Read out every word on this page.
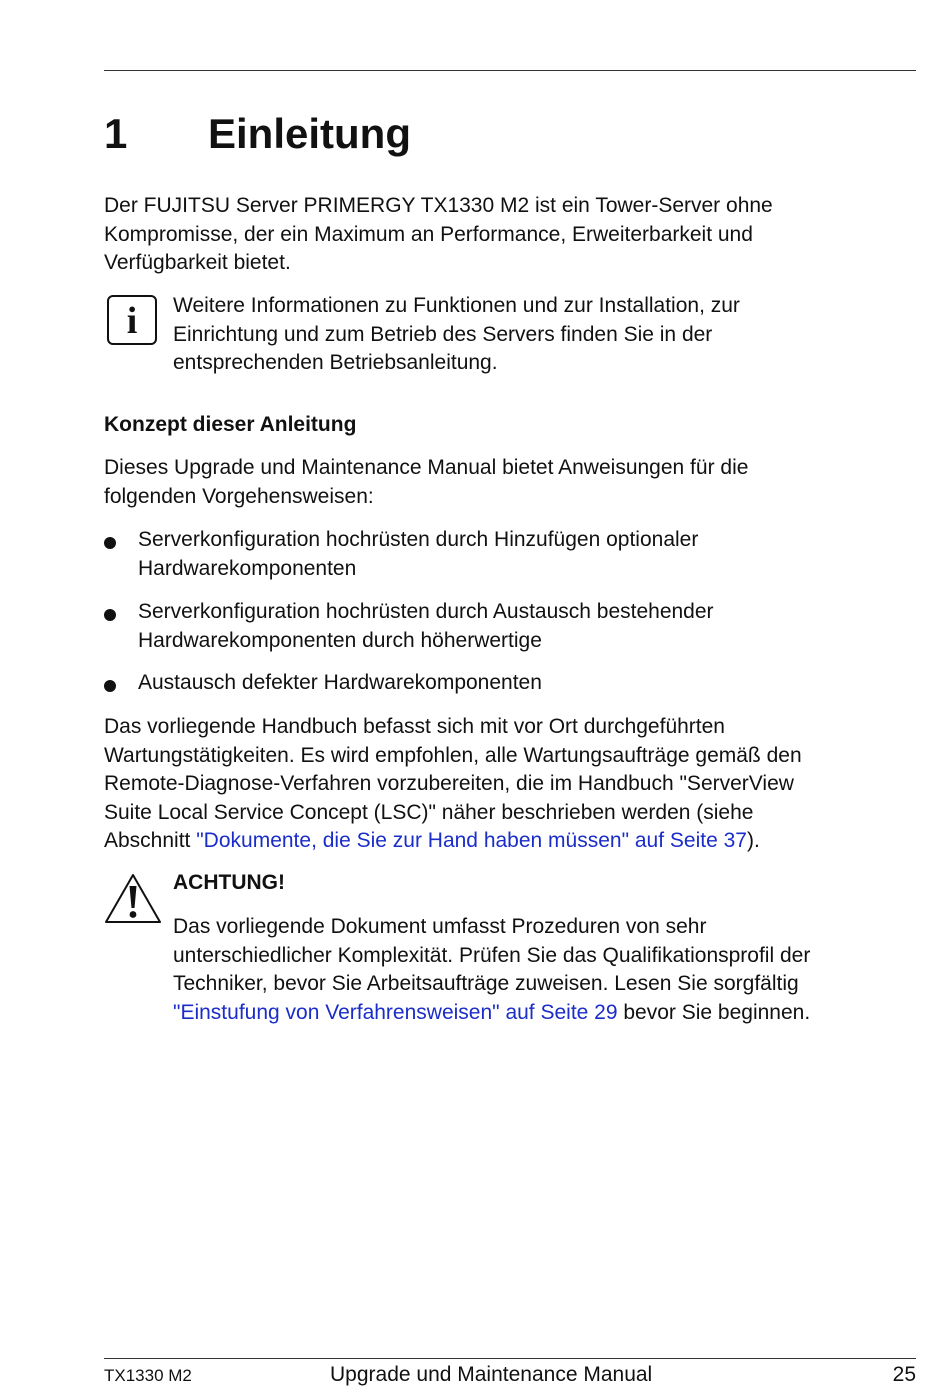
1 Einleitung
Der FUJITSU Server PRIMERGY TX1330 M2 ist ein Tower-Server ohne Kompromisse, der ein Maximum an Performance, Erweiterbarkeit und Verfügbarkeit bietet.
i	Weitere Informationen zu Funktionen und zur Installation, zur
Einrichtung und zum Betrieb des Servers finden Sie in der
entsprechenden Betriebsanleitung.
Konzept dieser Anleitung
Dieses Upgrade und Maintenance Manual bietet Anweisungen für die
folgenden Vorgehensweisen:
Serverkonfiguration hochrüsten durch Hinzufügen optionaler
Hardwarekomponenten
Serverkonfiguration hochrüsten durch Austausch bestehender
Hardwarekomponenten durch höherwertige
Austausch defekter Hardwarekomponenten
Das vorliegende Handbuch befasst sich mit vor Ort durchgeführten
Wartungstätigkeiten. Es wird empfohlen, alle Wartungsaufträge gemäß den
Remote-Diagnose-Verfahren vorzubereiten, die im Handbuch "ServerView
Suite Local Service Concept (LSC)" näher beschrieben werden (siehe
Abschnitt "Dokumente, die Sie zur Hand haben müssen" auf Seite 37).
ACHTUNG!
Das vorliegende Dokument umfasst Prozeduren von sehr
unterschiedlicher Komplexität. Prüfen Sie das Qualifikationsprofil der
Techniker, bevor Sie Arbeitsaufträge zuweisen. Lesen Sie sorgfältig
"Einstufung von Verfahrensweisen" auf Seite 29 bevor Sie beginnen.
TX1330 M2	Upgrade und Maintenance Manual	25
